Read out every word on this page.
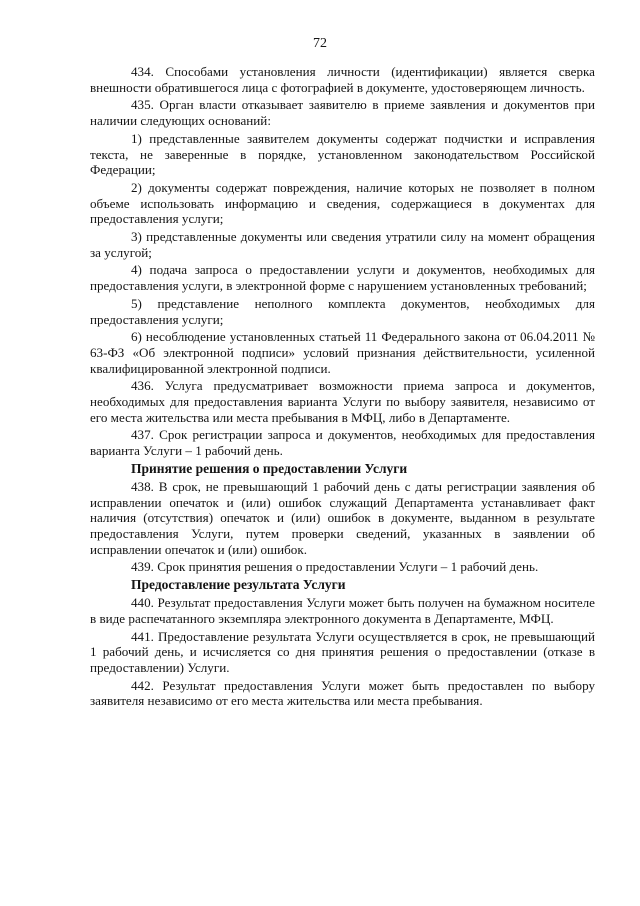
72

434. Способами установления личности (идентификации) является сверка внешности обратившегося лица с фотографией в документе, удостоверяющем личность.

435. Орган власти отказывает заявителю в приеме заявления и документов при наличии следующих оснований:

1) представленные заявителем документы содержат подчистки и исправления текста, не заверенные в порядке, установленном законодательством Российской Федерации;

2) документы содержат повреждения, наличие которых не позволяет в полном объеме использовать информацию и сведения, содержащиеся в документах для предоставления услуги;

3) представленные документы или сведения утратили силу на момент обращения за услугой;

4) подача запроса о предоставлении услуги и документов, необходимых для предоставления услуги, в электронной форме с нарушением установленных требований;

5) представление неполного комплекта документов, необходимых для предоставления услуги;

6) несоблюдение установленных статьей 11 Федерального закона от 06.04.2011 № 63-ФЗ «Об электронной подписи» условий признания действительности, усиленной квалифицированной электронной подписи.

436. Услуга предусматривает возможности приема запроса и документов, необходимых для предоставления варианта Услуги по выбору заявителя, независимо от его места жительства или места пребывания в МФЦ, либо в Департаменте.

437. Срок регистрации запроса и документов, необходимых для предоставления варианта Услуги – 1 рабочий день.

Принятие решения о предоставлении Услуги

438. В срок, не превышающий 1 рабочий день с даты регистрации заявления об исправлении опечаток и (или) ошибок служащий Департамента устанавливает факт наличия (отсутствия) опечаток и (или) ошибок в документе, выданном в результате предоставления Услуги, путем проверки сведений, указанных в заявлении об исправлении опечаток и (или) ошибок.

439. Срок принятия решения о предоставлении Услуги – 1 рабочий день.

Предоставление результата Услуги

440. Результат предоставления Услуги может быть получен на бумажном носителе в виде распечатанного экземпляра электронного документа в Департаменте, МФЦ.

441. Предоставление результата Услуги осуществляется в срок, не превышающий 1 рабочий день, и исчисляется со дня принятия решения о предоставлении (отказе в предоставлении) Услуги.

442. Результат предоставления Услуги может быть предоставлен по выбору заявителя независимо от его места жительства или места пребывания.
